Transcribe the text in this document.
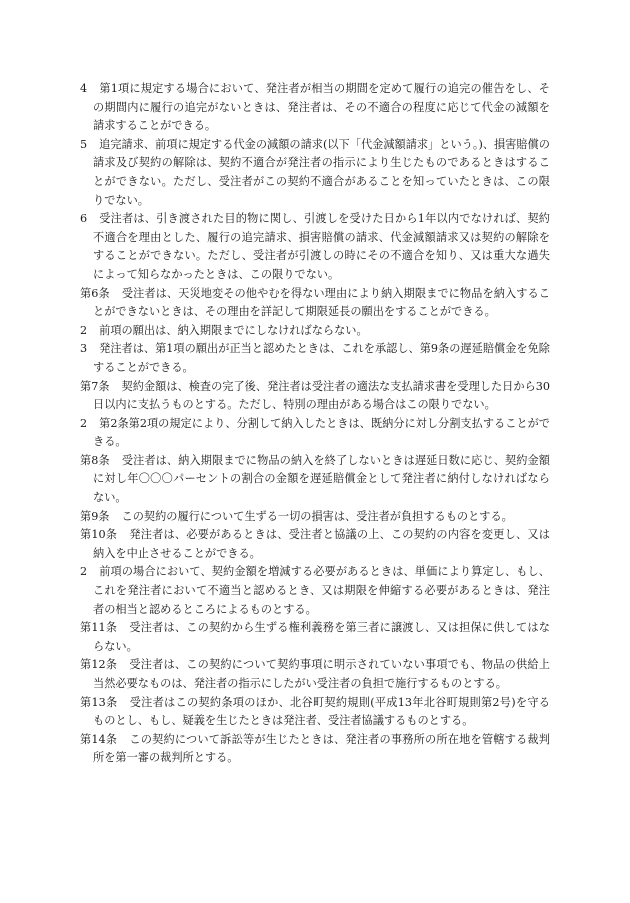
4 第1項に規定する場合において、発注者が相当の期間を定めて履行の追完の催告をし、その期間内に履行の追完がないときは、発注者は、その不適合の程度に応じて代金の減額を請求することができる。

5 追完請求、前項に規定する代金の減額の請求(以下「代金減額請求」という。)、損害賠償の請求及び契約の解除は、契約不適合が発注者の指示により生じたものであるときはすることができない。ただし、受注者がこの契約不適合があることを知っていたときは、この限りでない。

6 受注者は、引き渡された目的物に関し、引渡しを受けた日から1年以内でなければ、契約不適合を理由とした、履行の追完請求、損害賠償の請求、代金減額請求又は契約の解除をすることができない。ただし、受注者が引渡しの時にその不適合を知り、又は重大な過失によって知らなかったときは、この限りでない。

第6条 受注者は、天災地変その他やむを得ない理由により納入期限までに物品を納入することができないときは、その理由を詳記して期限延長の願出をすることができる。

2 前項の願出は、納入期限までにしなければならない。

3 発注者は、第1項の願出が正当と認めたときは、これを承認し、第9条の遅延賠償金を免除することができる。

第7条 契約金額は、検査の完了後、発注者は受注者の適法な支払請求書を受理した日から30日以内に支払うものとする。ただし、特別の理由がある場合はこの限りでない。

2 第2条第2項の規定により、分割して納入したときは、既納分に対し分割支払することができる。

第8条 受注者は、納入期限までに物品の納入を終了しないときは遅延日数に応じ、契約金額に対し年〇〇〇パーセントの割合の金額を遅延賠償金として発注者に納付しなければならない。

第9条 この契約の履行について生ずる一切の損害は、受注者が負担するものとする。

第10条 発注者は、必要があるときは、受注者と協議の上、この契約の内容を変更し、又は納入を中止させることができる。

2 前項の場合において、契約金額を増減する必要があるときは、単価により算定し、もし、これを発注者において不適当と認めるとき、又は期限を伸縮する必要があるときは、発注者の相当と認めるところによるものとする。

第11条 受注者は、この契約から生ずる権利義務を第三者に譲渡し、又は担保に供してはならない。

第12条 受注者は、この契約について契約事項に明示されていない事項でも、物品の供給上当然必要なものは、発注者の指示にしたがい受注者の負担で施行するものとする。

第13条 受注者はこの契約条項のほか、北谷町契約規則(平成13年北谷町規則第2号)を守るものとし、もし、疑義を生じたときは発注者、受注者協議するものとする。

第14条 この契約について訴訟等が生じたときは、発注者の事務所の所在地を管轄する裁判所を第一審の裁判所とする。
